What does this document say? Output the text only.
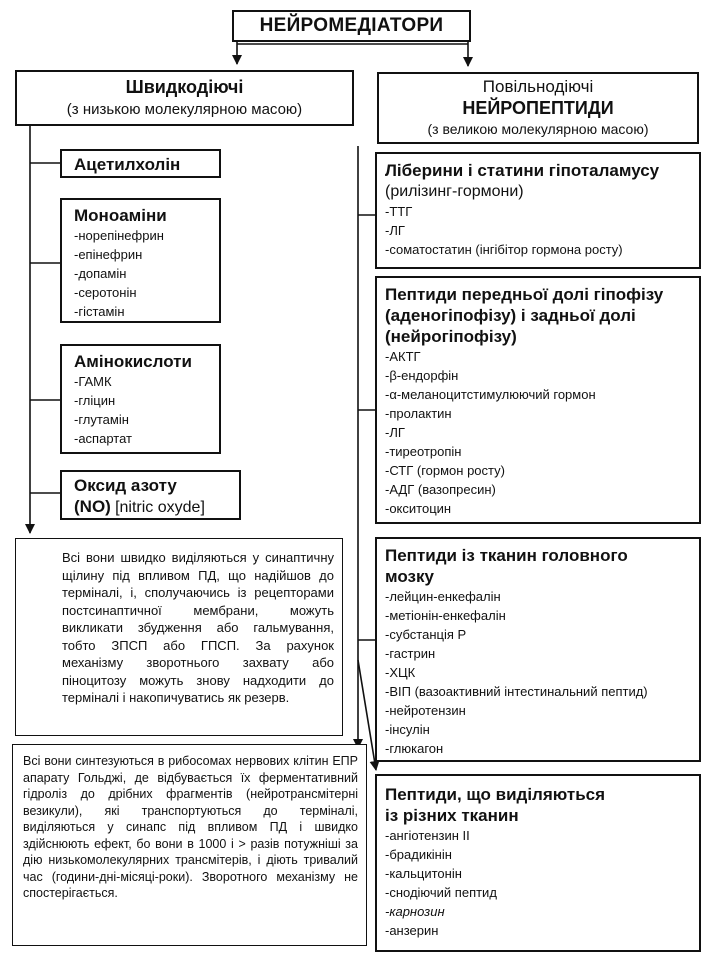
НЕЙРОМЕДІАТОРИ
Швидкодіючі
(з низькою молекулярною масою)
Ацетилхолін
Моноаміни
-норепінефрин
-епінефрин
-допамін
-серотонін
-гістамін
Амінокислоти
-ГАМК
-гліцин
-глутамін
-аспартат
Оксид азоту
(NO) [nitric oxyde]
Всі вони швидко виділяються у синаптичну щілину під впливом ПД, що надійшов до терміналі, і, сполучаючись із рецепторами постсинаптичної мембрани, можуть викликати збудження або гальмування, тобто ЗПСП або ГПСП. За рахунок механізму зворотнього захвату або піноцитозу можуть знову надходити до терміналі і накопичуватись як резерв.
Повільнодіючі
НЕЙРОПЕПТИДИ
(з великою молекулярною масою)
Ліберини і статини гіпоталамусу
(рилізинг-гормони)
-ТТГ
-ЛГ
-соматостатин (інгібітор гормона росту)
Пептиди передньої долі гіпофізу
(аденогіпофізу) і задньої долі
(нейрогіпофізу)
-АКТГ
-β-ендорфін
-α-меланоцитстимулюючий гормон
-пролактин
-ЛГ
-тиреотропін
-СТГ (гормон росту)
-АДГ (вазопресин)
-окситоцин
Пептиди із тканин головного
мозку
-лейцин-енкефалін
-метіонін-енкефалін
-субстанція Р
-гастрин
-ХЦК
-ВІП (вазоактивний інтестинальний пептид)
-нейротензин
-інсулін
-глюкагон
Пептиди, що виділяються
із різних тканин
-ангіотензин II
-брадикінін
-кальцитонін
-снодіючий пептид
-карнозин
-анзерин
Всі вони синтезуються в рибосомах нервових клітин ЕПР апарату Гольджі, де відбувається їх ферментативний гідроліз до дрібних фрагментів (нейротрансмітерні везикули), які транспортуються до терміналі, виділяються у синапс під впливом ПД і швидко здійснюють ефект, бо вони в 1000 і > разів потужніші за дію низькомолекулярних трансмітерів, і діють тривалий час (години-дні-місяці-роки). Зворотного механізму не спостерігається.
